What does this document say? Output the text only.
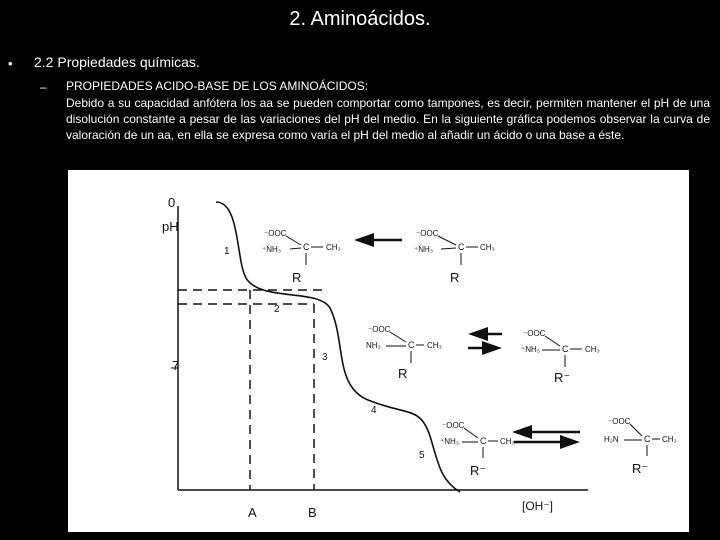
2. Aminoácidos.
• 2.2 Propiedades químicas.
– PROPIEDADES ACIDO-BASE DE LOS AMINOÁCIDOS:
Debido a su capacidad anfótera los aa se pueden comportar como tampones, es decir, permiten mantener el pH de una disolución constante a pesar de las variaciones del pH del medio. En la siguiente gráfica podemos observar la curva de valoración de un aa, en ella se expresa como varía el pH del medio al añadir un ácido o una base a éste.
0
pH
7
A	B	[OH⁻]
1
2
3
4
5
⁻OOC
⁺NH₃ C CH₃
R
⁻OOC
⁺NH₃	C CH₃
R
⁻OOC
NH₃	C CH₃
R
⁻OOC
⁺NH₃ C CH₃
R⁻
⁻OOC
⁺NH₃ C CH₃
R⁻
⁻OOC
H₂N	C CH₃
R⁻
